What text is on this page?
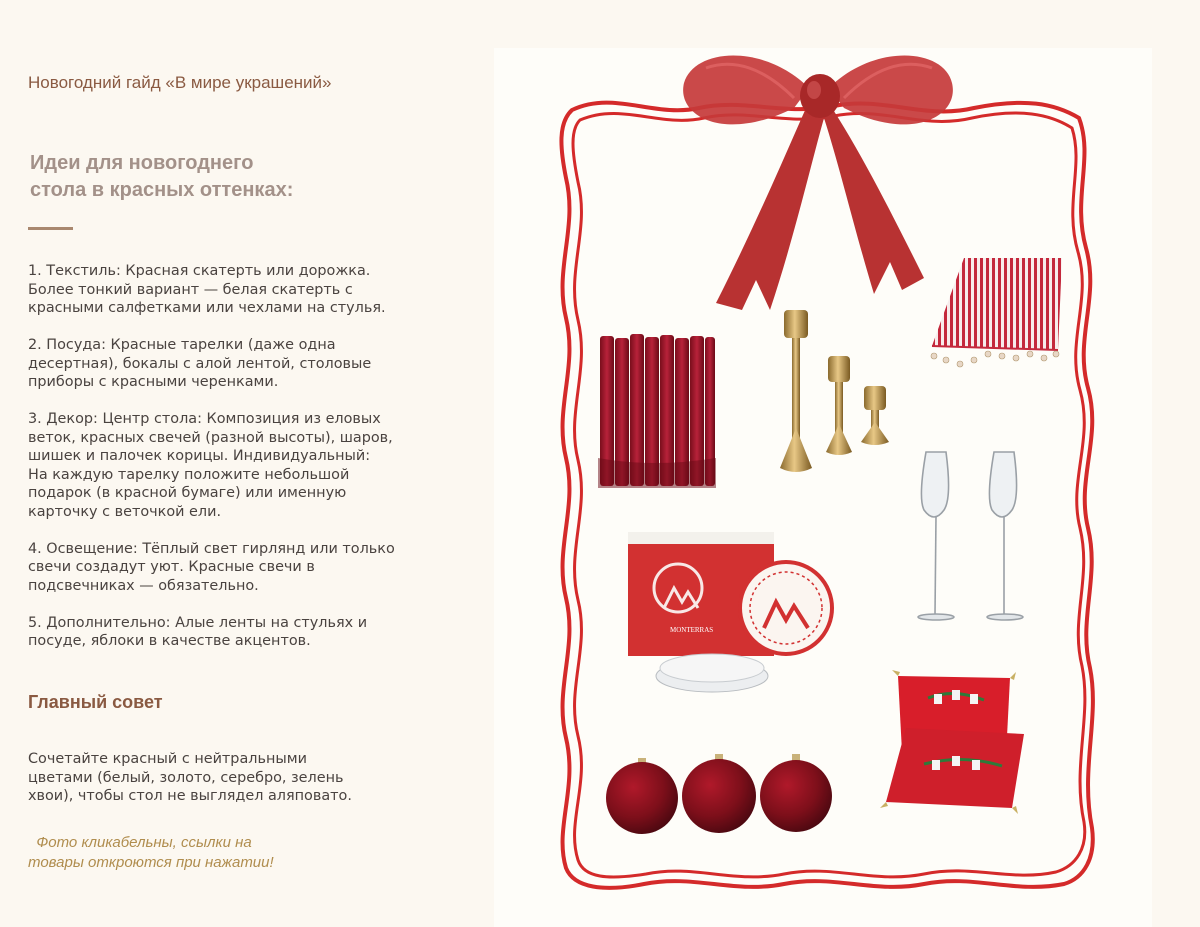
Новогодний гайд «В мире украшений»
Идеи для новогоднего
стола в красных оттенках:
1. Текстиль: Красная скатерть или дорожка.
Более тонкий вариант — белая скатерть с
красными салфетками или чехлами на стулья.
2. Посуда: Красные тарелки (даже одна
десертная), бокалы с алой лентой, столовые
приборы с красными черенками.
3. Декор: Центр стола: Композиция из еловых
веток, красных свечей (разной высоты), шаров,
шишек и палочек корицы. Индивидуальный:
На каждую тарелку положите небольшой
подарок (в красной бумаге) или именную
карточку с веточкой ели.
4. Освещение: Тёплый свет гирлянд или только
свечи создадут уют. Красные свечи в
подсвечниках — обязательно.
5. Дополнительно: Алые ленты на стульях и
посуде, яблоки в качестве акцентов.
Главный совет
Сочетайте красный с нейтральными
цветами (белый, золото, серебро, зелень
хвои), чтобы стол не выглядел аляповато.
Фото кликабельны, ссылки на
товары откроются при нажатии!
MONTERRAS
